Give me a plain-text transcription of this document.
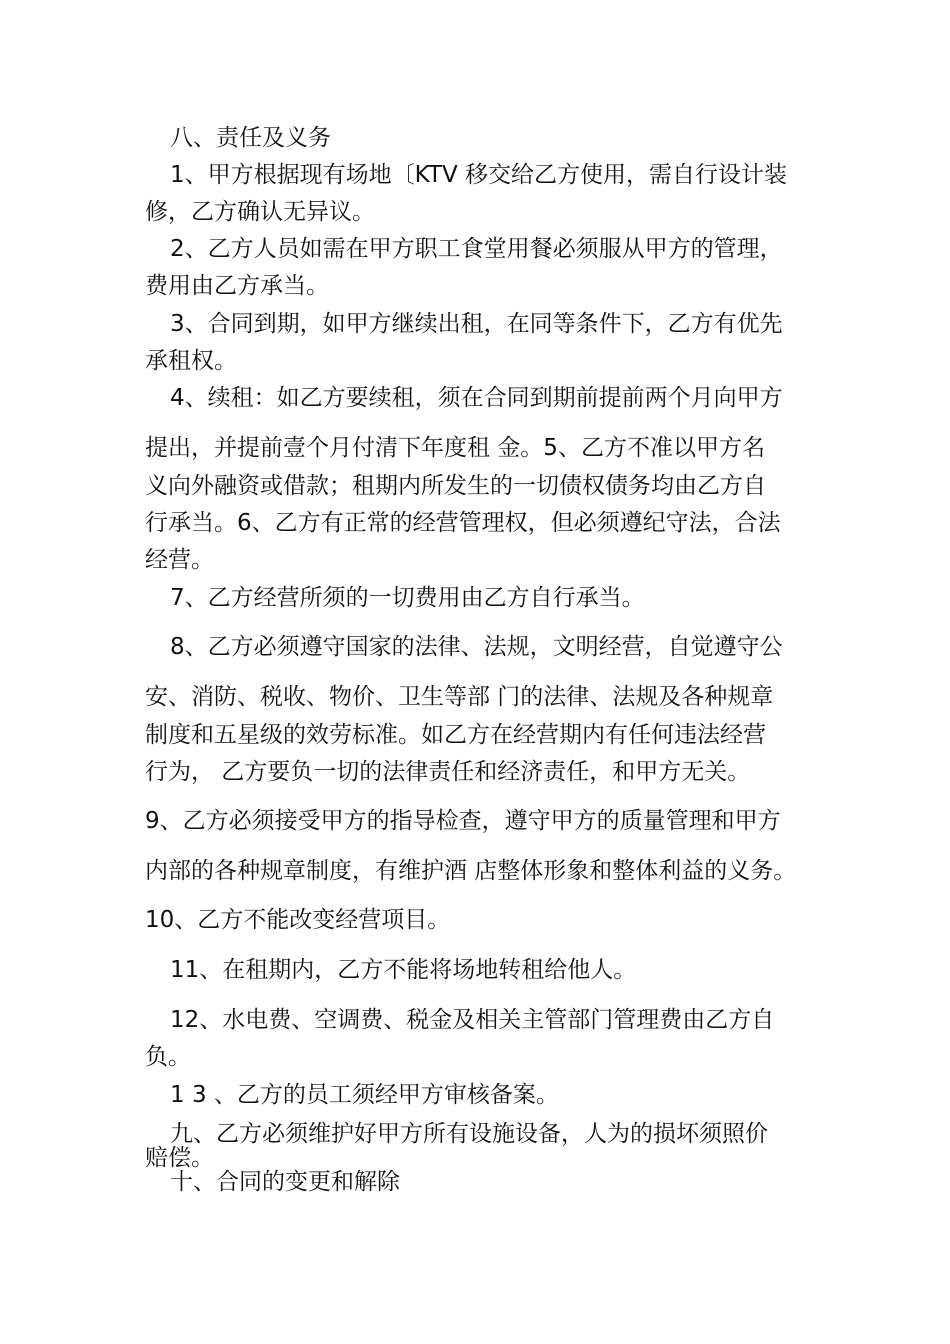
八、责任及义务

1、甲方根据现有场地〔KTV 移交给乙方使用，需自行设计装

修，乙方确认无异议。

2、乙方人员如需在甲方职工食堂用餐必须服从甲方的管理，

费用由乙方承当。

3、合同到期，如甲方继续出租，在同等条件下，乙方有优先

承租权。

4、续租：如乙方要续租，须在合同到期前提前两个月向甲方

提出，并提前壹个月付清下年度租 金。5、乙方不准以甲方名

义向外融资或借款；租期内所发生的一切债权债务均由乙方自

行承当。6、乙方有正常的经营管理权，但必须遵纪守法，合法

经营。

7、乙方经营所须的一切费用由乙方自行承当。

8、乙方必须遵守国家的法律、法规，文明经营，自觉遵守公

安、消防、税收、物价、卫生等部 门的法律、法规及各种规章

制度和五星级的效劳标准。如乙方在经营期内有任何违法经营

行为， 乙方要负一切的法律责任和经济责任，和甲方无关。

9、乙方必须接受甲方的指导检查，遵守甲方的质量管理和甲方

内部的各种规章制度，有维护酒 店整体形象和整体利益的义务。

10、乙方不能改变经营项目。

11、在租期内，乙方不能将场地转租给他人。

12、水电费、空调费、税金及相关主管部门管理费由乙方自

负。

1 3 、乙方的员工须经甲方审核备案。

九、乙方必须维护好甲方所有设施设备，人为的损坏须照价

赔偿。

十、合同的变更和解除
